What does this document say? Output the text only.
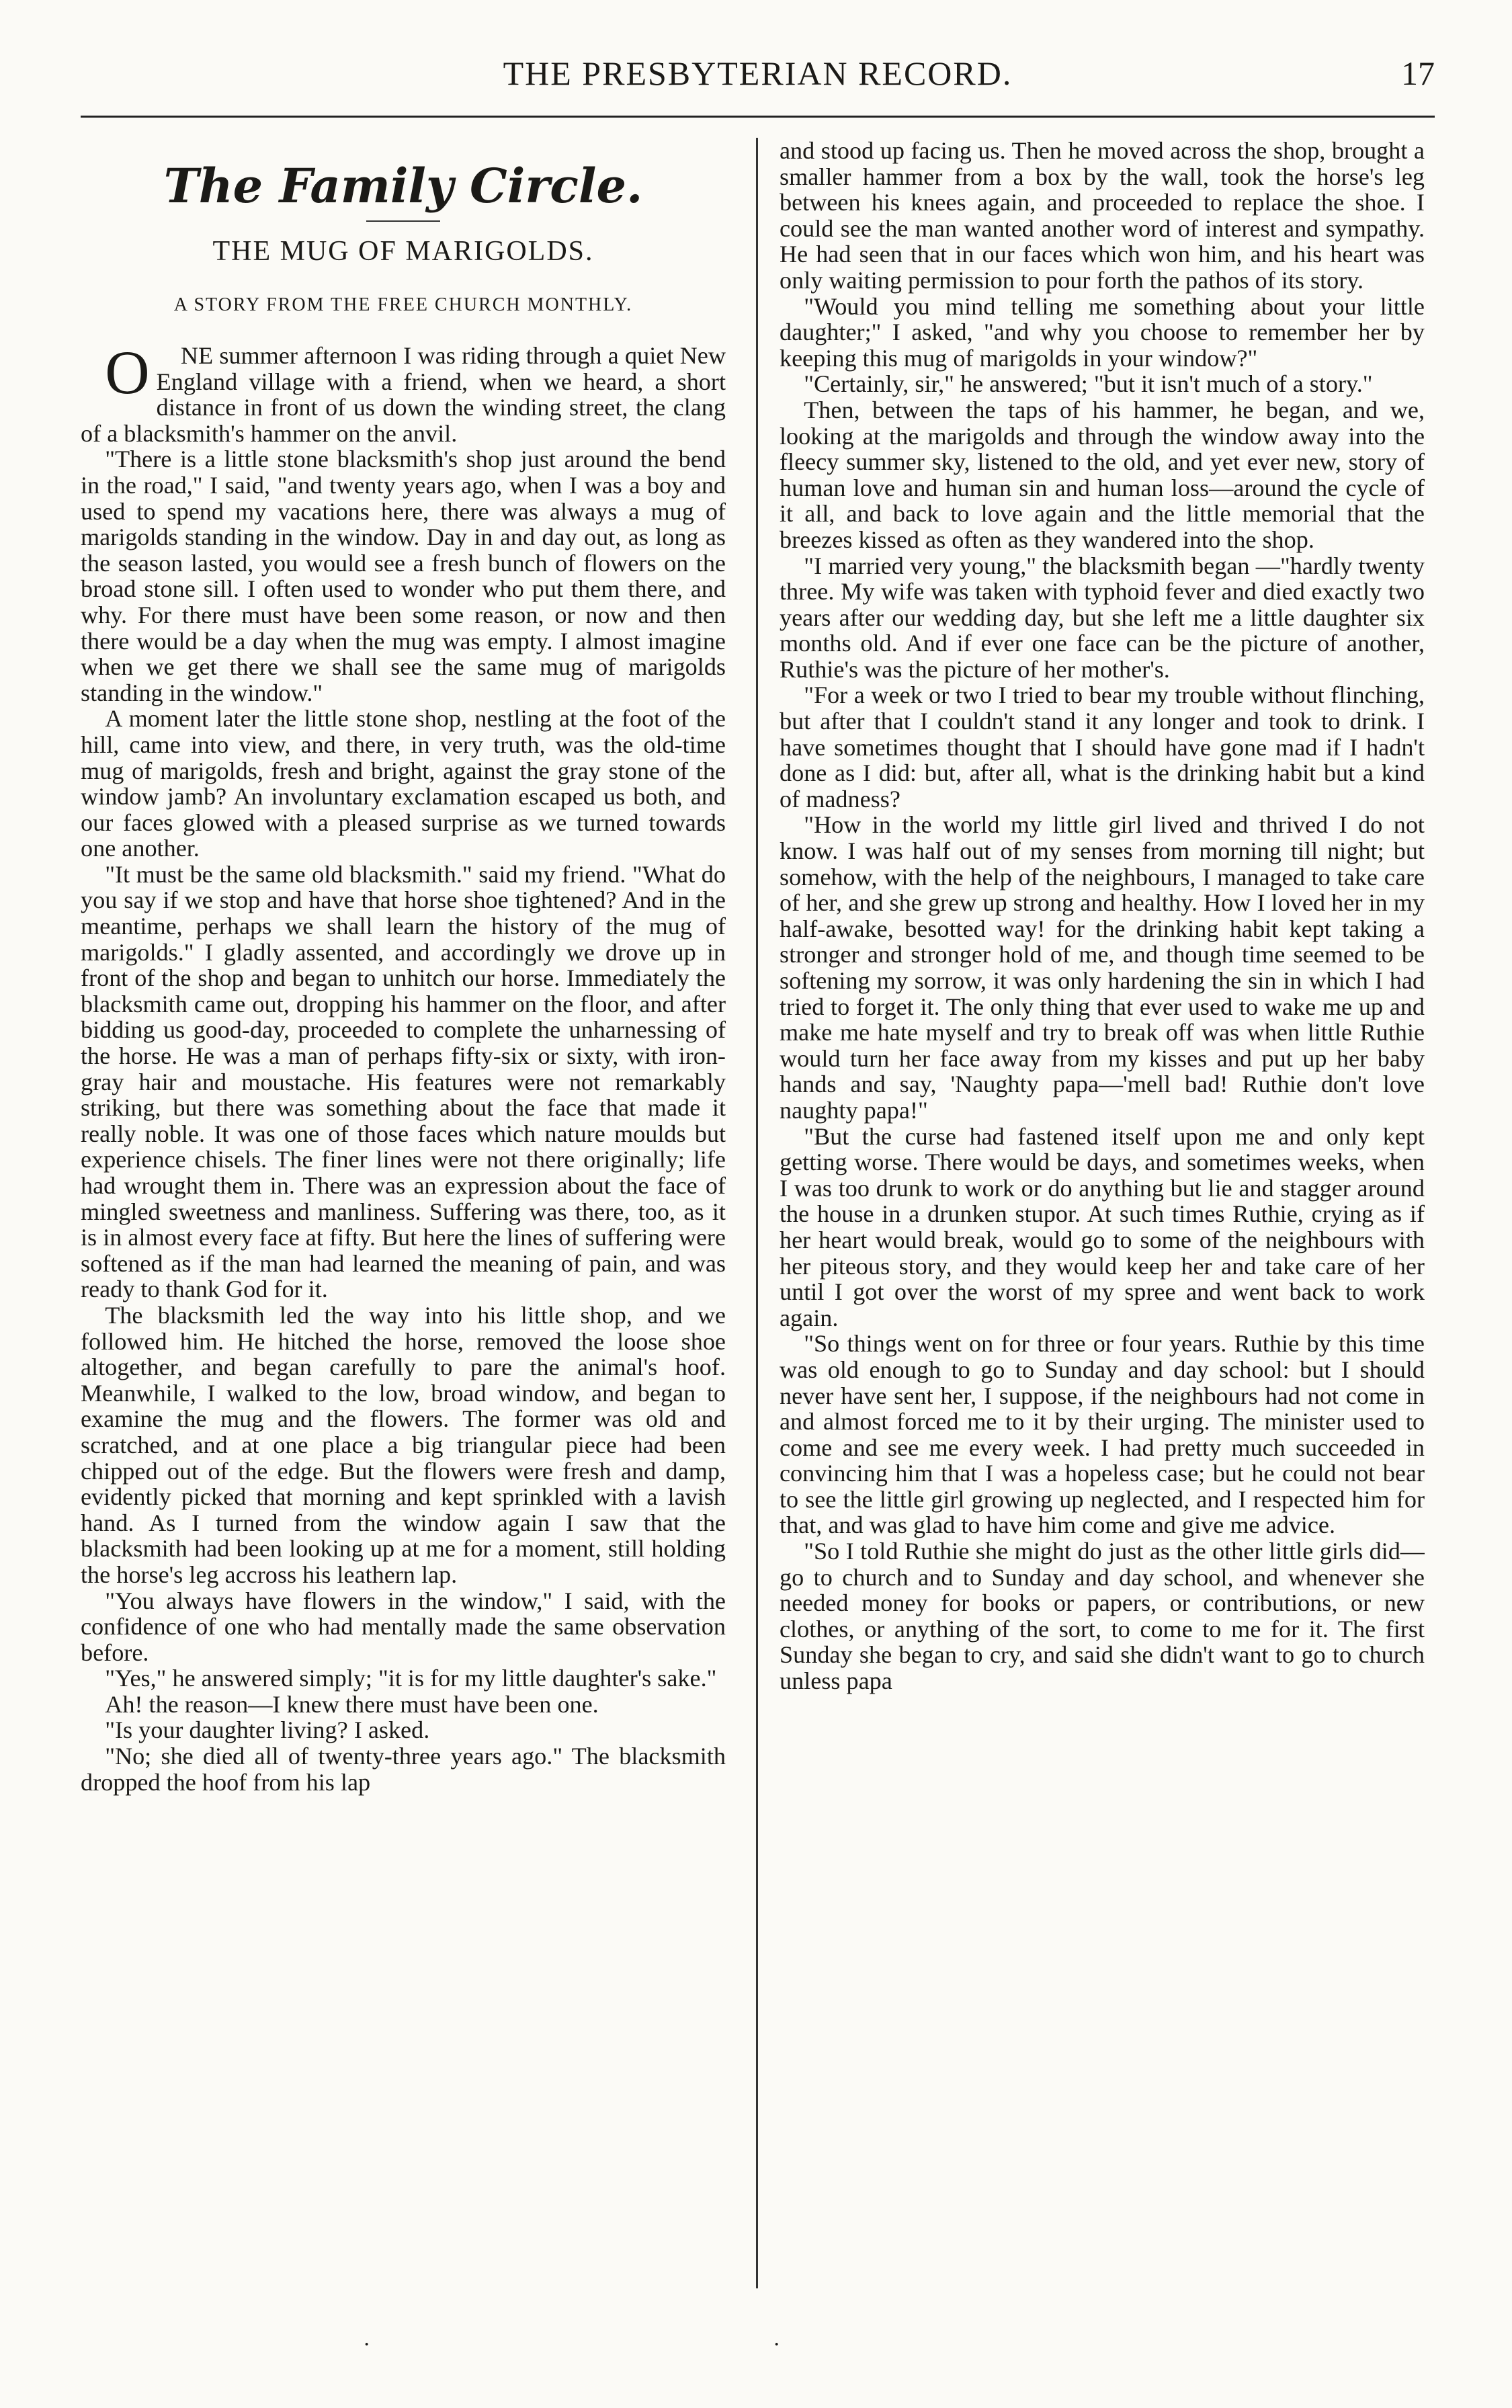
THE PRESBYTERIAN RECORD.	17
The Family Circle.
THE MUG OF MARIGOLDS.
A STORY FROM THE FREE CHURCH MONTHLY.

ONE summer afternoon I was riding through a quiet New England village with a friend, when we heard, a short distance in front of us down the winding street, the clang of a blacksmith's hammer on the anvil.

"There is a little stone blacksmith's shop just around the bend in the road," I said, "and twenty years ago, when I was a boy and used to spend my vacations here, there was always a mug of marigolds standing in the window. Day in and day out, as long as the season lasted, you would see a fresh bunch of flowers on the broad stone sill. I often used to wonder who put them there, and why. For there must have been some reason, or now and then there would be a day when the mug was empty. I almost imagine when we get there we shall see the same mug of marigolds standing in the window."

A moment later the little stone shop, nestling at the foot of the hill, came into view, and there, in very truth, was the old-time mug of marigolds, fresh and bright, against the gray stone of the window jamb? An involuntary exclamation escaped us both, and our faces glowed with a pleased surprise as we turned towards one another.

"It must be the same old blacksmith." said my friend. "What do you say if we stop and have that horse shoe tightened? And in the meantime, perhaps we shall learn the history of the mug of marigolds." I gladly assented, and accordingly we drove up in front of the shop and began to unhitch our horse. Immediately the blacksmith came out, dropping his hammer on the floor, and after bidding us good-day, proceeded to complete the unharnessing of the horse. He was a man of perhaps fifty-six or sixty, with iron-gray hair and moustache. His features were not remarkably striking, but there was something about the face that made it really noble. It was one of those faces which nature moulds but experience chisels. The finer lines were not there originally; life had wrought them in. There was an expression about the face of mingled sweetness and manliness. Suffering was there, too, as it is in almost every face at fifty. But here the lines of suffering were softened as if the man had learned the meaning of pain, and was ready to thank God for it.

The blacksmith led the way into his little shop, and we followed him. He hitched the horse, removed the loose shoe altogether, and began carefully to pare the animal's hoof. Meanwhile, I walked to the low, broad window, and began to examine the mug and the flowers. The former was old and scratched, and at one place a big triangular piece had been chipped out of the edge. But the flowers were fresh and damp, evidently picked that morning and kept sprinkled with a lavish hand. As I turned from the window again I saw that the blacksmith had been looking up at me for a moment, still holding the horse's leg accross his leathern lap.

"You always have flowers in the window," I said, with the confidence of one who had mentally made the same observation before.

"Yes," he answered simply; "it is for my little daughter's sake."

Ah! the reason—I knew there must have been one.

"Is your daughter living? I asked.

"No; she died all of twenty-three years ago." The blacksmith dropped the hoof from his lap

and stood up facing us. Then he moved across the shop, brought a smaller hammer from a box by the wall, took the horse's leg between his knees again, and proceeded to replace the shoe. I could see the man wanted another word of interest and sympathy. He had seen that in our faces which won him, and his heart was only waiting permission to pour forth the pathos of its story.

"Would you mind telling me something about your little daughter;" I asked, "and why you choose to remember her by keeping this mug of marigolds in your window?"

"Certainly, sir," he answered; "but it isn't much of a story."

Then, between the taps of his hammer, he began, and we, looking at the marigolds and through the window away into the fleecy summer sky, listened to the old, and yet ever new, story of human love and human sin and human loss—around the cycle of it all, and back to love again and the little memorial that the breezes kissed as often as they wandered into the shop.

"I married very young," the blacksmith began —"hardly twenty three. My wife was taken with typhoid fever and died exactly two years after our wedding day, but she left me a little daughter six months old. And if ever one face can be the picture of another, Ruthie's was the picture of her mother's.

"For a week or two I tried to bear my trouble without flinching, but after that I couldn't stand it any longer and took to drink. I have sometimes thought that I should have gone mad if I hadn't done as I did: but, after all, what is the drinking habit but a kind of madness?

"How in the world my little girl lived and thrived I do not know. I was half out of my senses from morning till night; but somehow, with the help of the neighbours, I managed to take care of her, and she grew up strong and healthy. How I loved her in my half-awake, besotted way! for the drinking habit kept taking a stronger and stronger hold of me, and though time seemed to be softening my sorrow, it was only hardening the sin in which I had tried to forget it. The only thing that ever used to wake me up and make me hate myself and try to break off was when little Ruthie would turn her face away from my kisses and put up her baby hands and say, 'Naughty papa—'mell bad! Ruthie don't love naughty papa!"

"But the curse had fastened itself upon me and only kept getting worse. There would be days, and sometimes weeks, when I was too drunk to work or do anything but lie and stagger around the house in a drunken stupor. At such times Ruthie, crying as if her heart would break, would go to some of the neighbours with her piteous story, and they would keep her and take care of her until I got over the worst of my spree and went back to work again.

"So things went on for three or four years. Ruthie by this time was old enough to go to Sunday and day school: but I should never have sent her, I suppose, if the neighbours had not come in and almost forced me to it by their urging. The minister used to come and see me every week. I had pretty much succeeded in convincing him that I was a hopeless case; but he could not bear to see the little girl growing up neglected, and I respected him for that, and was glad to have him come and give me advice.

"So I told Ruthie she might do just as the other little girls did—go to church and to Sunday and day school, and whenever she needed money for books or papers, or contributions, or new clothes, or anything of the sort, to come to me for it. The first Sunday she began to cry, and said she didn't want to go to church unless papa

·	·
